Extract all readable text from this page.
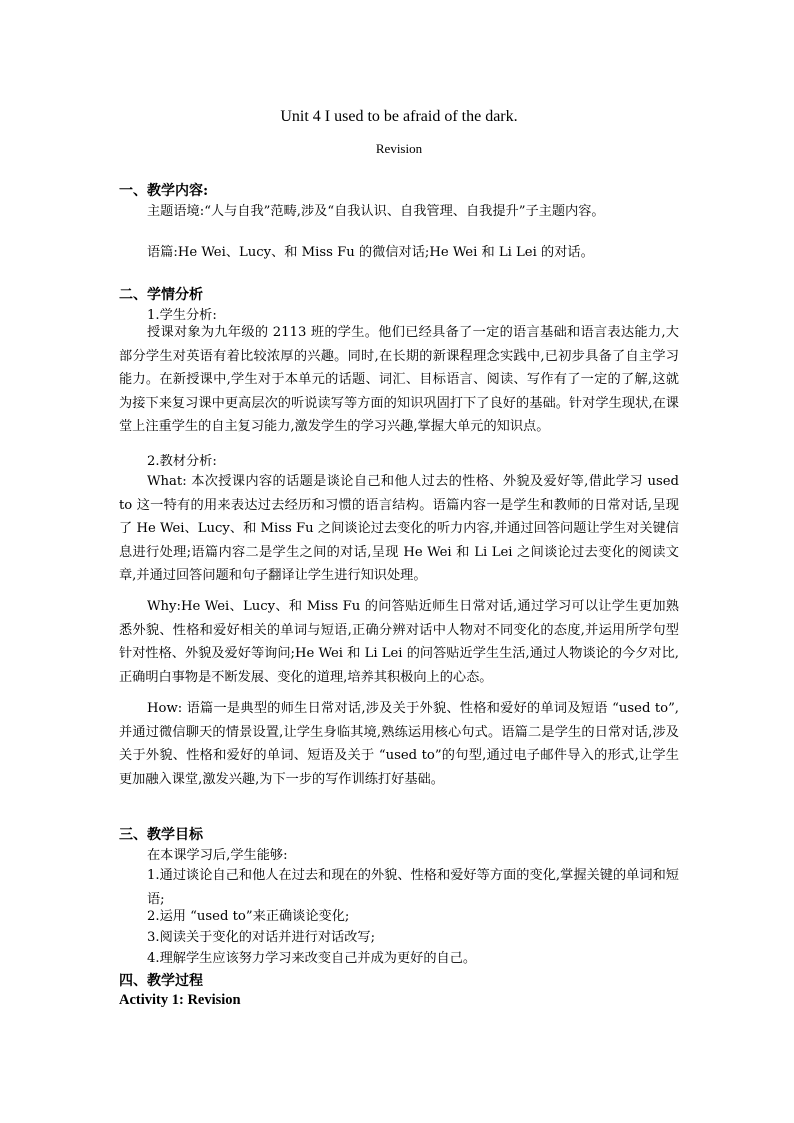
Unit 4 I used to be afraid of the dark.
Revision
一、教学内容:
主题语境:“人与自我”范畴,涉及“自我认识、自我管理、自我提升”子主题内容。
语篇:He Wei、Lucy、和 Miss Fu 的微信对话;He Wei 和 Li Lei 的对话。
二、学情分析
1.学生分析:
授课对象为九年级的 2113 班的学生。他们已经具备了一定的语言基础和语言表达能力,大部分学生对英语有着比较浓厚的兴趣。同时,在长期的新课程理念实践中,已初步具备了自主学习能力。在新授课中,学生对于本单元的话题、词汇、目标语言、阅读、写作有了一定的了解,这就为接下来复习课中更高层次的听说读写等方面的知识巩固打下了良好的基础。针对学生现状,在课堂上注重学生的自主复习能力,激发学生的学习兴趣,掌握大单元的知识点。
2.教材分析:
What: 本次授课内容的话题是谈论自己和他人过去的性格、外貌及爱好等,借此学习 used to 这一特有的用来表达过去经历和习惯的语言结构。语篇内容一是学生和教师的日常对话,呈现了 He Wei、Lucy、和 Miss Fu 之间谈论过去变化的听力内容,并通过回答问题让学生对关键信息进行处理;语篇内容二是学生之间的对话,呈现 He Wei 和 Li Lei 之间谈论过去变化的阅读文章,并通过回答问题和句子翻译让学生进行知识处理。
Why:He Wei、Lucy、和 Miss Fu 的问答贴近师生日常对话,通过学习可以让学生更加熟悉外貌、性格和爱好相关的单词与短语,正确分辨对话中人物对不同变化的态度,并运用所学句型针对性格、外貌及爱好等询问;He Wei 和 Li Lei 的问答贴近学生生活,通过人物谈论的今夕对比,正确明白事物是不断发展、变化的道理,培养其积极向上的心态。
How: 语篇一是典型的师生日常对话,涉及关于外貌、性格和爱好的单词及短语 “used to”,并通过微信聊天的情景设置,让学生身临其境,熟练运用核心句式。语篇二是学生的日常对话,涉及关于外貌、性格和爱好的单词、短语及关于 “used to”的句型,通过电子邮件导入的形式,让学生更加融入课堂,激发兴趣,为下一步的写作训练打好基础。
三、教学目标
在本课学习后,学生能够:
1.通过谈论自己和他人在过去和现在的外貌、性格和爱好等方面的变化,掌握关键的单词和短语;
2.运用 “used to”来正确谈论变化;
3.阅读关于变化的对话并进行对话改写;
4.理解学生应该努力学习来改变自己并成为更好的自己。
四、教学过程
Activity 1: Revision
